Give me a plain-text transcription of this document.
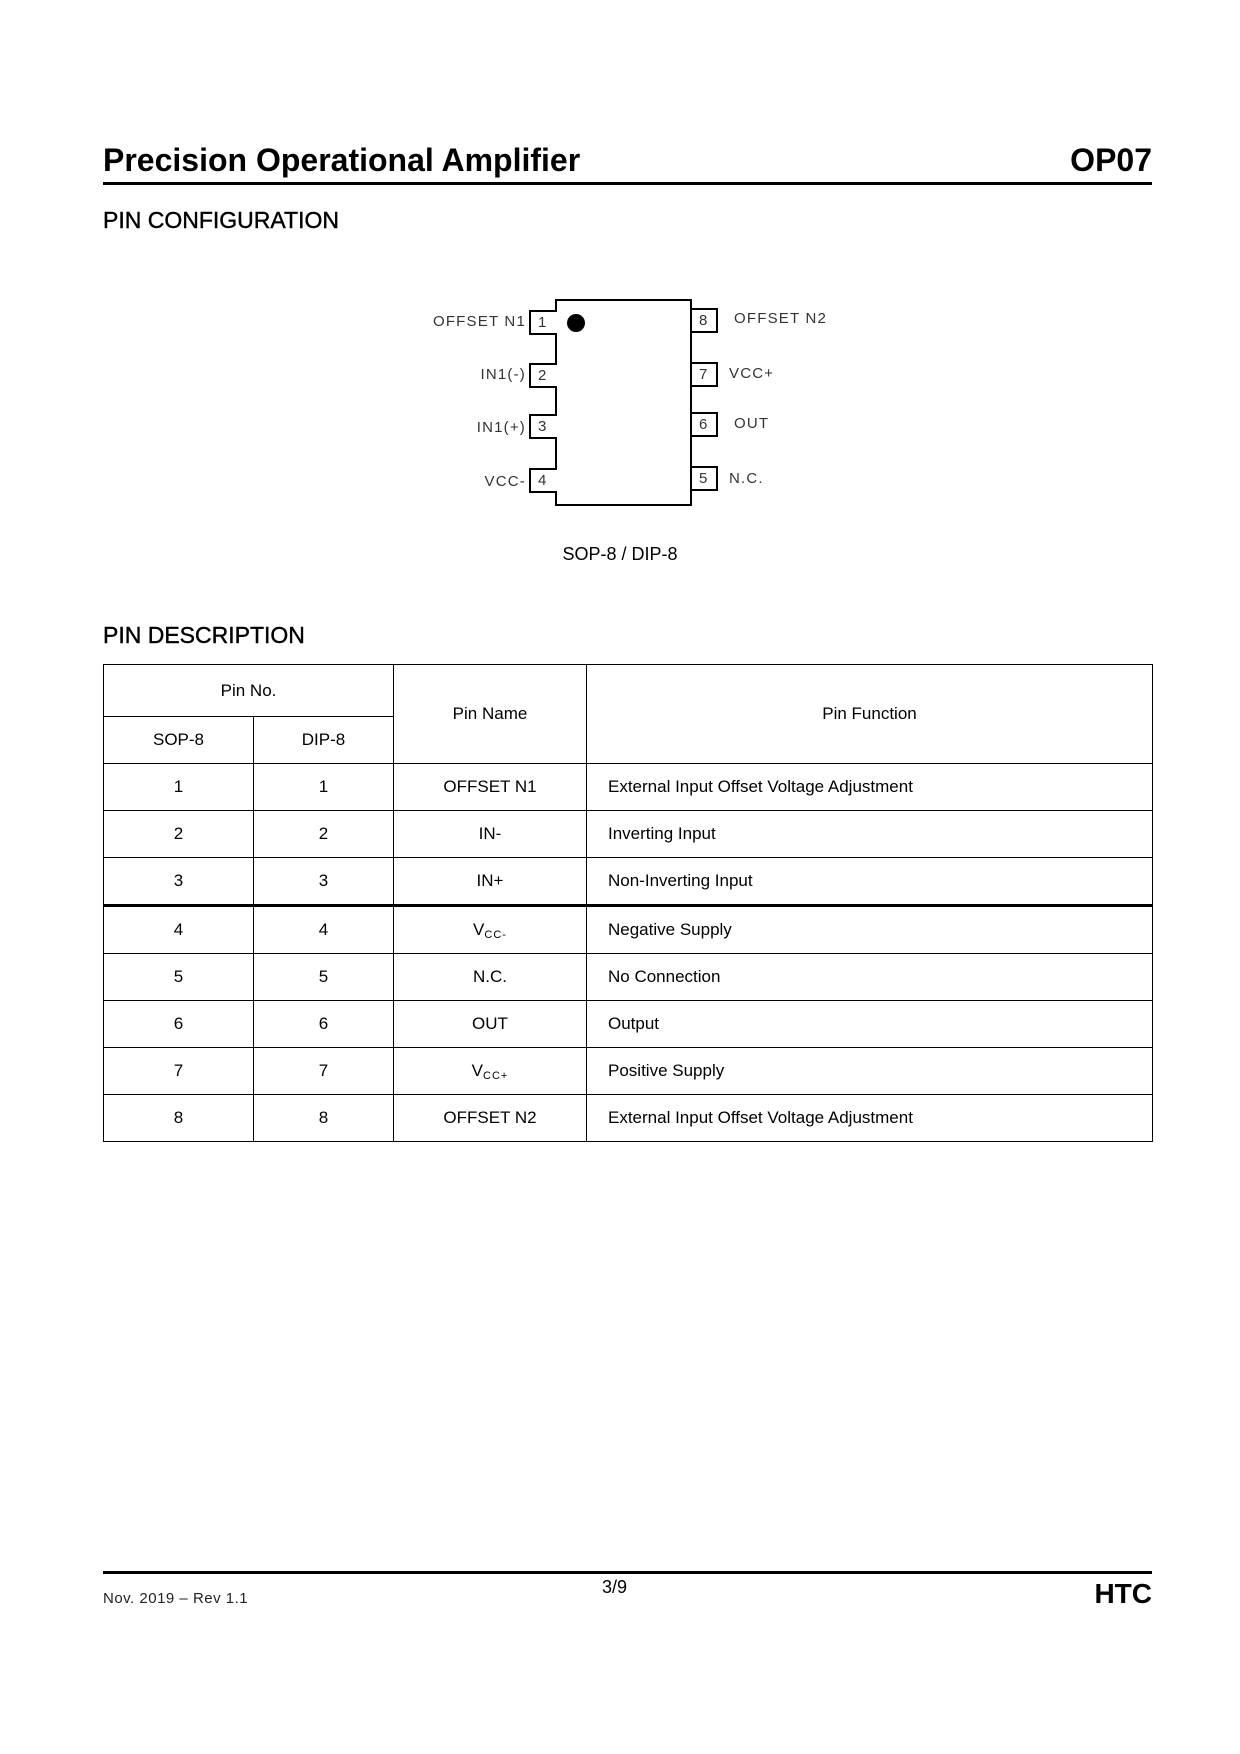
Precision Operational Amplifier	OP07
PIN CONFIGURATION
1
OFFSET N1
2
IN1(-)
3
IN1(+)
4
VCC-
8	OFFSET N2
7	VCC+
6	OUT
5	N.C.
SOP-8 / DIP-8
PIN DESCRIPTION
Pin No.		Pin Name	Pin Function
SOP-8	DIP-8		
1	1	OFFSET N1	External Input Offset Voltage Adjustment
2	2	IN-	Inverting Input
3	3	IN+	Non-Inverting Input
4	4	$V_{CC-}$	Negative Supply
5	5	N.C.	No Connection
6	6	OUT	Output
7	7	$V_{CC+}$	Positive Supply
8	8	OFFSET N2	External Input Offset Voltage Adjustment
Nov. 2019 – Rev 1.1
3/9	HTC
